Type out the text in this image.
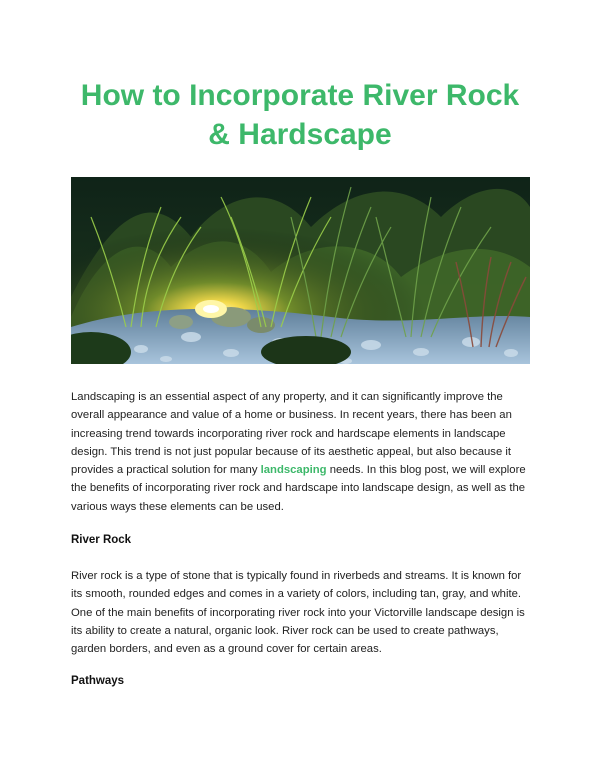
How to Incorporate River Rock
& Hardscape

Landscaping is an essential aspect of any property, and it can significantly improve the overall appearance and value of a home or business. In recent years, there has been an increasing trend towards incorporating river rock and hardscape elements in landscape design. This trend is not just popular because of its aesthetic appeal, but also because it provides a practical solution for many landscaping needs. In this blog post, we will explore the benefits of incorporating river rock and hardscape into landscape design, as well as the various ways these elements can be used.

River Rock

River rock is a type of stone that is typically found in riverbeds and streams. It is known for its smooth, rounded edges and comes in a variety of colors, including tan, gray, and white. One of the main benefits of incorporating river rock into your Victorville landscape design is its ability to create a natural, organic look. River rock can be used to create pathways, garden borders, and even as a ground cover for certain areas.

Pathways
